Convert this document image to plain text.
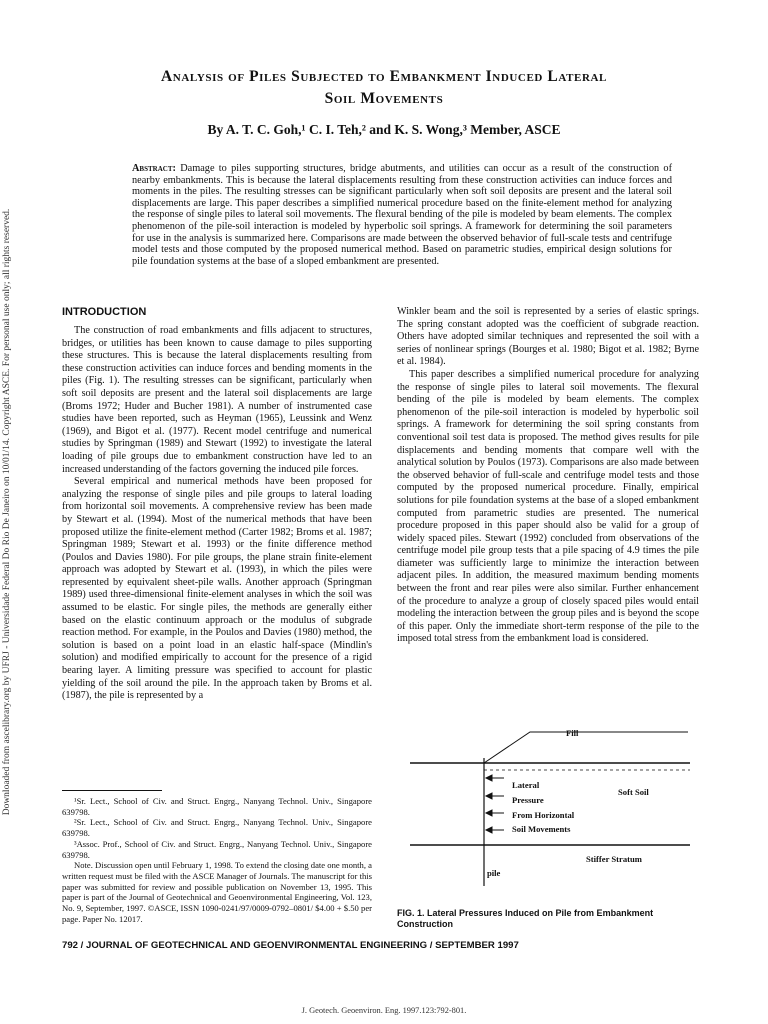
Downloaded from ascelibrary.org by UFRJ - Universidade Federal Do Rio De Janeiro on 10/01/14. Copyright ASCE. For personal use only; all rights reserved.
Analysis of Piles Subjected to Embankment Induced Lateral
Soil Movements
By A. T. C. Goh,¹ C. I. Teh,² and K. S. Wong,³ Member, ASCE
Abstract: Damage to piles supporting structures, bridge abutments, and utilities can occur as a result of the construction of nearby embankments. This is because the lateral displacements resulting from these construction activities can induce forces and moments in the piles. The resulting stresses can be significant particularly when soft soil deposits are present and the lateral soil displacements are large. This paper describes a simplified numerical procedure based on the finite-element method for analyzing the response of single piles to lateral soil movements. The flexural bending of the pile is modeled by beam elements. The complex phenomenon of the pile-soil interaction is modeled by hyperbolic soil springs. A framework for determining the soil parameters for use in the analysis is summarized here. Comparisons are made between the observed behavior of full-scale tests and centrifuge model tests and those computed by the proposed numerical method. Based on parametric studies, empirical design solutions for pile foundation systems at the base of a sloped embankment are presented.
INTRODUCTION

The construction of road embankments and fills adjacent to structures, bridges, or utilities has been known to cause damage to piles supporting these structures. This is because the lateral displacements resulting from these construction activities can induce forces and bending moments in the piles (Fig. 1). The resulting stresses can be significant, particularly when soft soil deposits are present and the lateral soil displacements are large (Broms 1972; Huder and Bucher 1981). A number of instrumented case studies have been reported, such as Heyman (1965), Leussink and Wenz (1969), and Bigot et al. (1977). Recent model centrifuge and numerical studies by Springman (1989) and Stewart (1992) to investigate the lateral loading of pile groups due to embankment construction have led to an increased understanding of the factors governing the induced pile forces.

Several empirical and numerical methods have been proposed for analyzing the response of single piles and pile groups to lateral loading from horizontal soil movements. A comprehensive review has been made by Stewart et al. (1994). Most of the numerical methods that have been proposed utilize the finite-element method (Carter 1982; Broms et al. 1987; Springman 1989; Stewart et al. 1993) or the finite difference method (Poulos and Davies 1980). For pile groups, the plane strain finite-element approach was adopted by Stewart et al. (1993), in which the piles were represented by equivalent sheet-pile walls. Another approach (Springman 1989) used three-dimensional finite-element analyses in which the soil was assumed to be elastic. For single piles, the methods are generally either based on the elastic continuum approach or the modulus of subgrade reaction method. For example, in the Poulos and Davies (1980) method, the solution is based on a point load in an elastic half-space (Mindlin's solution) and modified empirically to account for the presence of a rigid bearing layer. A limiting pressure was specified to account for plastic yielding of the soil around the pile. In the approach taken by Broms et al. (1987), the pile is represented by a

¹Sr. Lect., School of Civ. and Struct. Engrg., Nanyang Technol. Univ., Singapore 639798.

²Sr. Lect., School of Civ. and Struct. Engrg., Nanyang Technol. Univ., Singapore 639798.

³Assoc. Prof., School of Civ. and Struct. Engrg., Nanyang Technol. Univ., Singapore 639798.

Note. Discussion open until February 1, 1998. To extend the closing date one month, a written request must be filed with the ASCE Manager of Journals. The manuscript for this paper was submitted for review and possible publication on November 13, 1995. This paper is part of the Journal of Geotechnical and Geoenvironmental Engineering, Vol. 123, No. 9, September, 1997. ©ASCE, ISSN 1090-0241/97/0009-0792–0801/ $4.00 + $.50 per page. Paper No. 12017.

Winkler beam and the soil is represented by a series of elastic springs. The spring constant adopted was the coefficient of subgrade reaction. Others have adopted similar techniques and represented the soil with a series of nonlinear springs (Bourges et al. 1980; Bigot et al. 1982; Byrne et al. 1984).

This paper describes a simplified numerical procedure for analyzing the response of single piles to lateral soil movements. The flexural bending of the pile is modeled by beam elements. The complex phenomenon of the pile-soil interaction is modeled by hyperbolic soil springs. A framework for determining the soil spring constants from conventional soil test data is proposed. The method gives results for pile displacements and bending moments that compare well with the analytical solution by Poulos (1973). Comparisons are also made between the observed behavior of full-scale and centrifuge model tests and those computed by the proposed numerical procedure. Finally, empirical solutions for pile foundation systems at the base of a sloped embankment computed from parametric studies are presented. The numerical procedure proposed in this paper should also be valid for a group of widely spaced piles. Stewart (1992) concluded from observations of the centrifuge model pile group tests that a pile spacing of 4.9 times the pile diameter was sufficiently large to minimize the interaction between adjacent piles. In addition, the measured maximum bending moments between the front and rear piles were also similar. Further enhancement of the procedure to analyze a group of closely spaced piles would entail modeling the interaction between the group piles and is beyond the scope of this paper. Only the immediate short-term response of the pile to the imposed total stress from the embankment load is considered.

Fill
Lateral
Pressure
From Horizontal
Soil Movements
Soft Soil
Stiffer Stratum
pile
FIG. 1. Lateral Pressures Induced on Pile from Embankment Construction
792 / JOURNAL OF GEOTECHNICAL AND GEOENVIRONMENTAL ENGINEERING / SEPTEMBER 1997
J. Geotech. Geoenviron. Eng. 1997.123:792-801.
